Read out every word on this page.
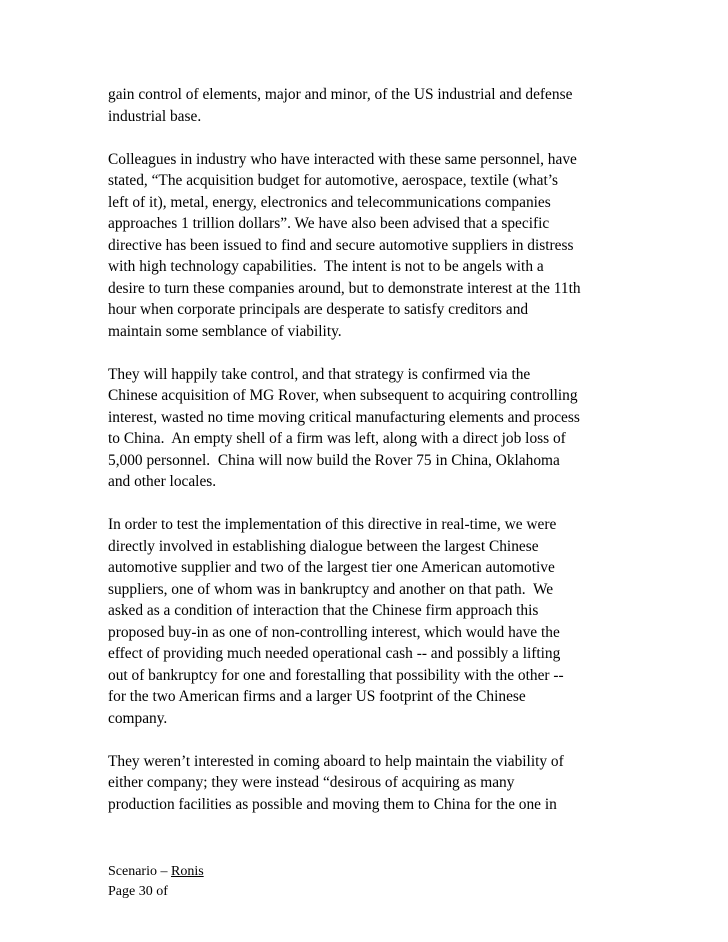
gain control of elements, major and minor, of the US industrial and defense
industrial base.
Colleagues in industry who have interacted with these same personnel, have
stated, “The acquisition budget for automotive, aerospace, textile (what’s
left of it), metal, energy, electronics and telecommunications companies
approaches 1 trillion dollars”. We have also been advised that a specific
directive has been issued to find and secure automotive suppliers in distress
with high technology capabilities.  The intent is not to be angels with a
desire to turn these companies around, but to demonstrate interest at the 11th
hour when corporate principals are desperate to satisfy creditors and
maintain some semblance of viability.
They will happily take control, and that strategy is confirmed via the
Chinese acquisition of MG Rover, when subsequent to acquiring controlling
interest, wasted no time moving critical manufacturing elements and process
to China.  An empty shell of a firm was left, along with a direct job loss of
5,000 personnel.  China will now build the Rover 75 in China, Oklahoma
and other locales.
In order to test the implementation of this directive in real-time, we were
directly involved in establishing dialogue between the largest Chinese
automotive supplier and two of the largest tier one American automotive
suppliers, one of whom was in bankruptcy and another on that path.  We
asked as a condition of interaction that the Chinese firm approach this
proposed buy-in as one of non-controlling interest, which would have the
effect of providing much needed operational cash -- and possibly a lifting
out of bankruptcy for one and forestalling that possibility with the other --
for the two American firms and a larger US footprint of the Chinese
company.
They weren’t interested in coming aboard to help maintain the viability of
either company; they were instead “desirous of acquiring as many
production facilities as possible and moving them to China for the one in
Scenario – Ronis
Page 30 of
